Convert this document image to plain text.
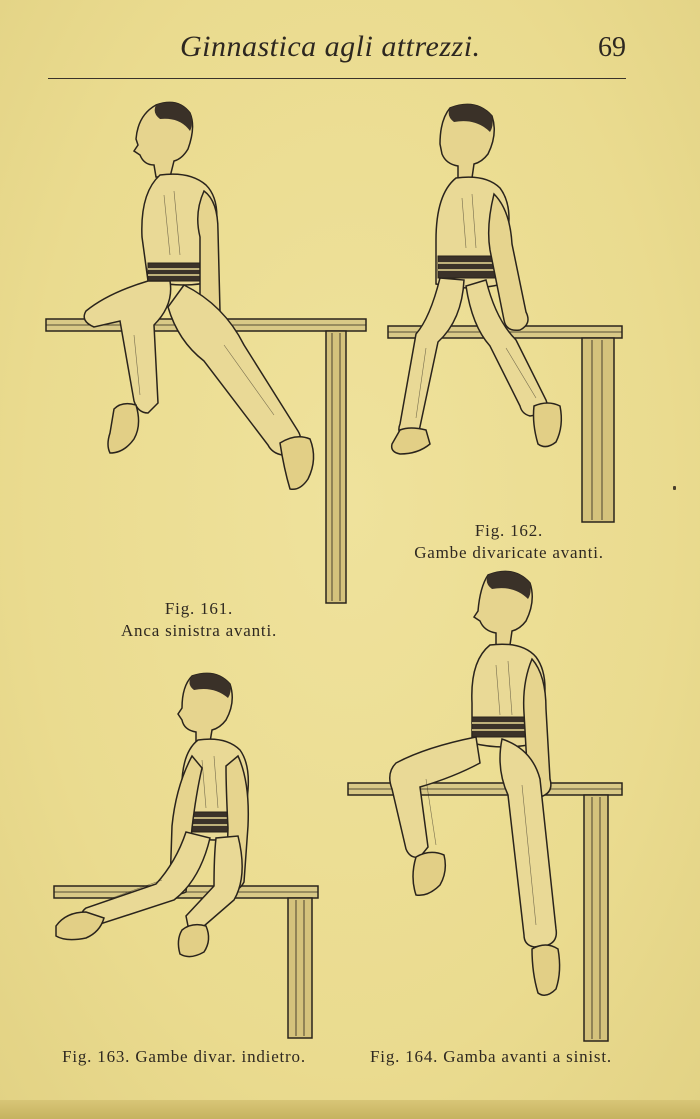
Ginnastica agli attrezzi.	69
Fig. 161.
Anca sinistra avanti.
Fig. 162.
Gambe divaricate avanti.
Fig. 163. Gambe divar. indietro.	Fig. 164. Gamba avanti a sinist.
